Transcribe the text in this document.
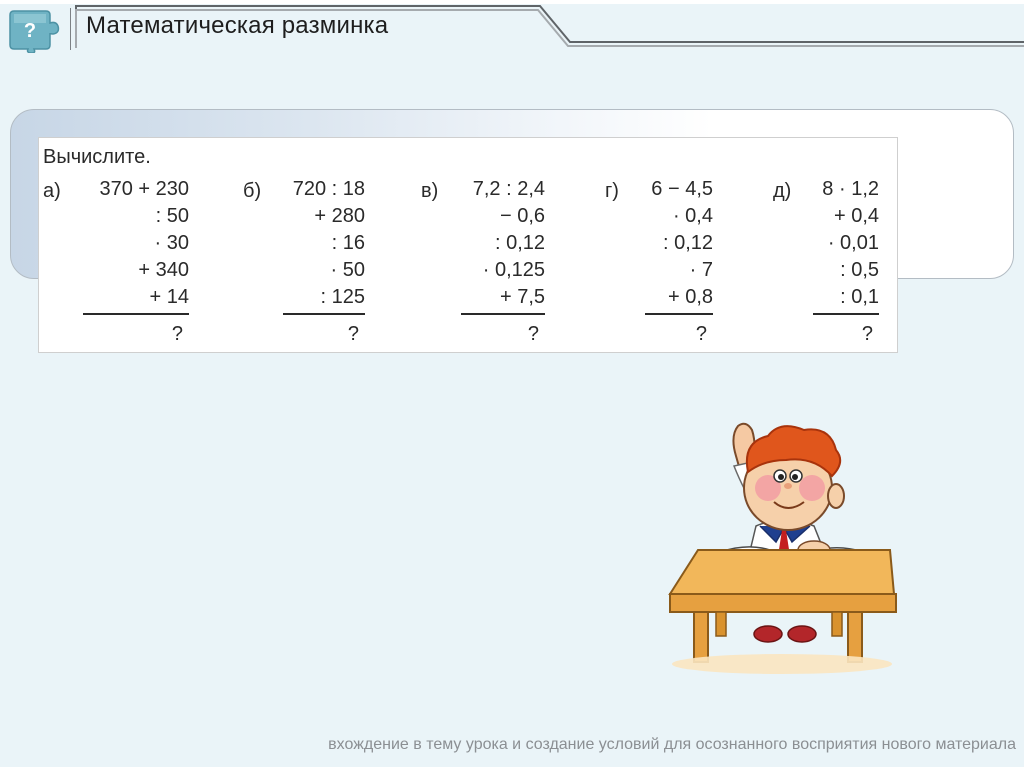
? Математическая разминка
Вычислите.
а) 370 + 230
: 50
· 30
+ 340
+ 14
?
б) 720 : 18
+ 280
: 16
· 50
: 125
?
в) 7,2 : 2,4
− 0,6
: 0,12
· 0,125
+ 7,5
?
г) 6 − 4,5
· 0,4
: 0,12
· 7
+ 0,8
?
д) 8 · 1,2
+ 0,4
· 0,01
: 0,5
: 0,1
?
вхождение в тему урока и создание условий для осознанного восприятия нового материала
